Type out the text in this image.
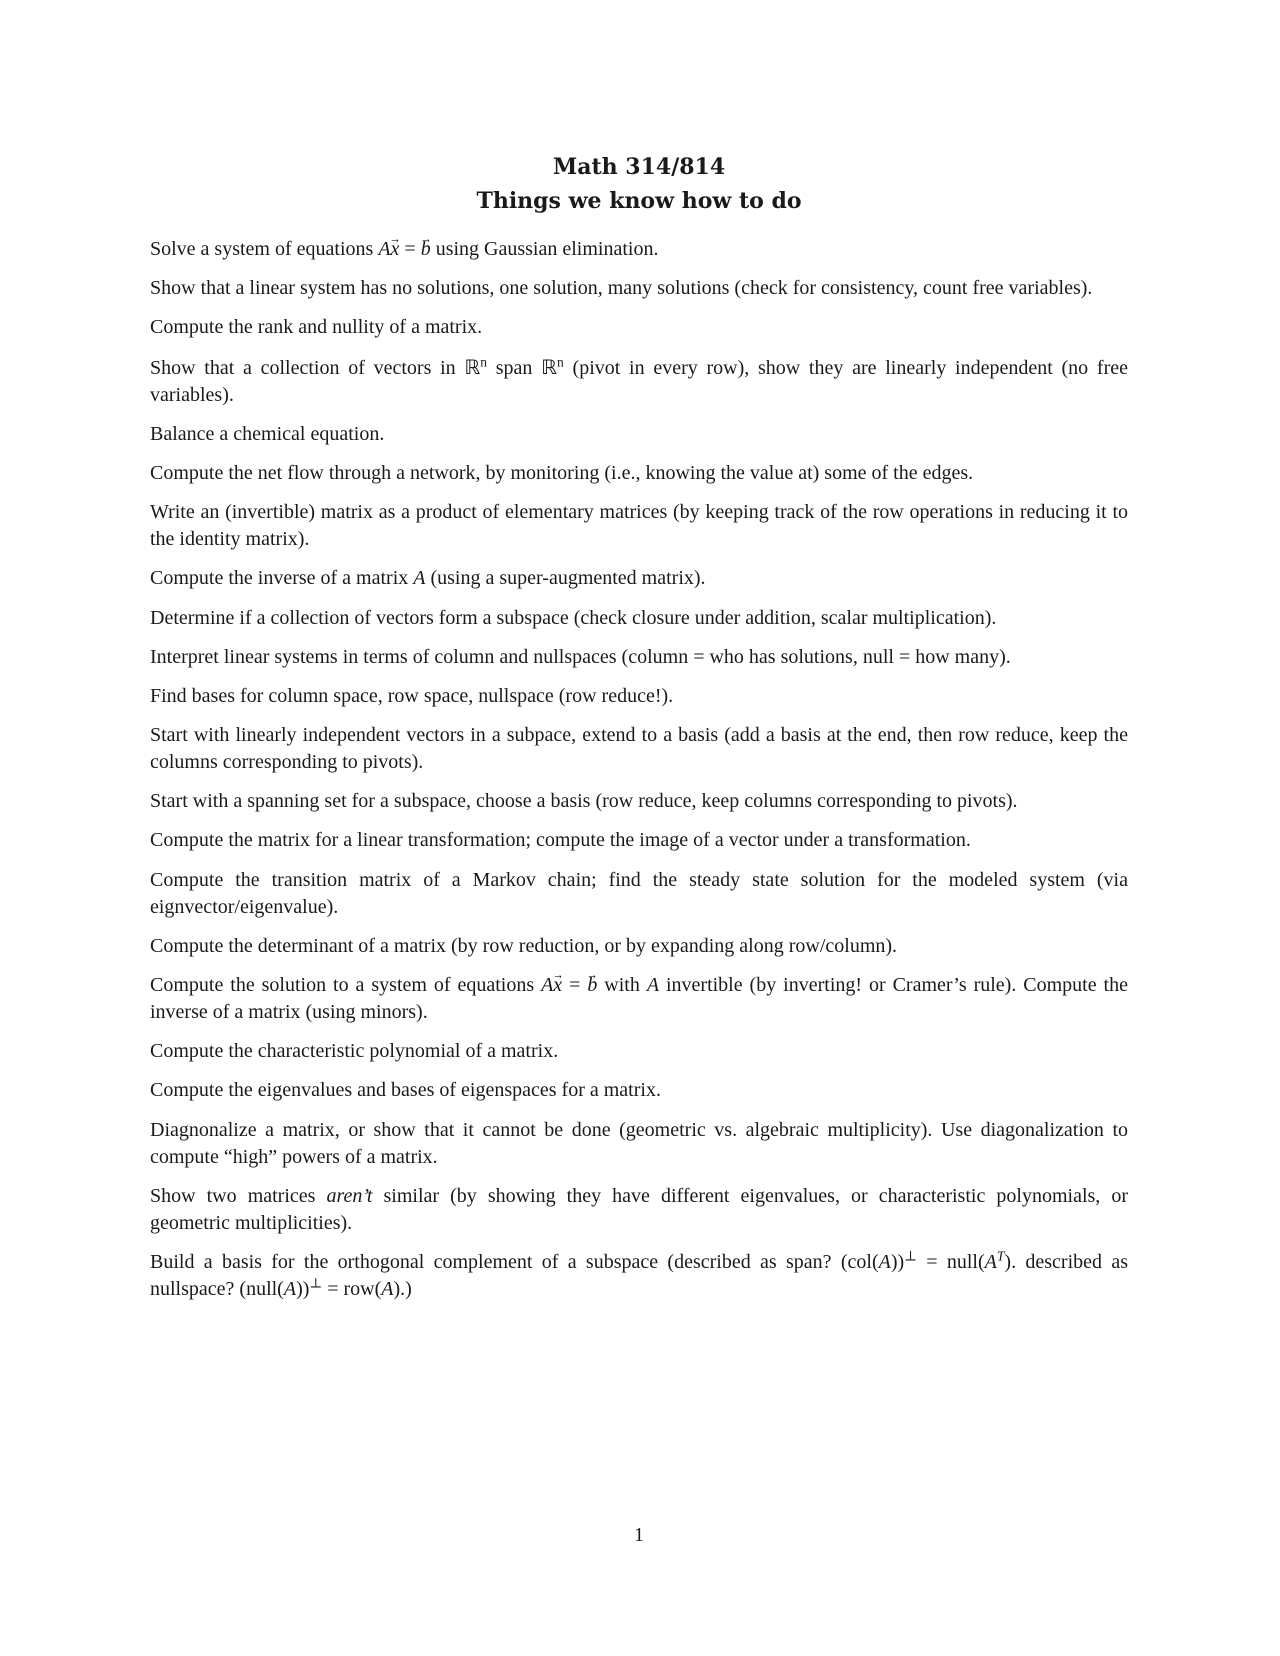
Math 314/814

Things we know how to do

Solve a system of equations Ax → = b → using Gaussian elimination.

Show that a linear system has no solutions, one solution, many solutions (check for consistency, count free variables).

Compute the rank and nullity of a matrix.

Show that a collection of vectors in ℝ$^n$ span ℝ$^n$ (pivot in every row), show they are linearly independent (no free variables).

Balance a chemical equation.

Compute the net flow through a network, by monitoring (i.e., knowing the value at) some of the edges.

Write an (invertible) matrix as a product of elementary matrices (by keeping track of the row operations in reducing it to the identity matrix).

Compute the inverse of a matrix A (using a super-augmented matrix).

Determine if a collection of vectors form a subspace (check closure under addition, scalar multiplication).

Interpret linear systems in terms of column and nullspaces (column = who has solutions, null = how many).

Find bases for column space, row space, nullspace (row reduce!).

Start with linearly independent vectors in a subpace, extend to a basis (add a basis at the end, then row reduce, keep the columns corresponding to pivots).

Start with a spanning set for a subspace, choose a basis (row reduce, keep columns corresponding to pivots).

Compute the matrix for a linear transformation; compute the image of a vector under a transformation.

Compute the transition matrix of a Markov chain; find the steady state solution for the modeled system (via eignvector/eigenvalue).

Compute the determinant of a matrix (by row reduction, or by expanding along row/column).

Compute the solution to a system of equations Ax → = b → with A invertible (by inverting! or Cramer’s rule). Compute the inverse of a matrix (using minors).

Compute the characteristic polynomial of a matrix.

Compute the eigenvalues and bases of eigenspaces for a matrix.

Diagnonalize a matrix, or show that it cannot be done (geometric vs. algebraic multiplicity). Use diagonalization to compute “high” powers of a matrix.

Show two matrices aren’t similar (by showing they have different eigenvalues, or characteristic polynomials, or geometric multiplicities).

Build a basis for the orthogonal complement of a subspace (described as span? $(col(A))^\perp = null(A^T)$. described as nullspace? (null(A))⊥ = row(A).)

1
